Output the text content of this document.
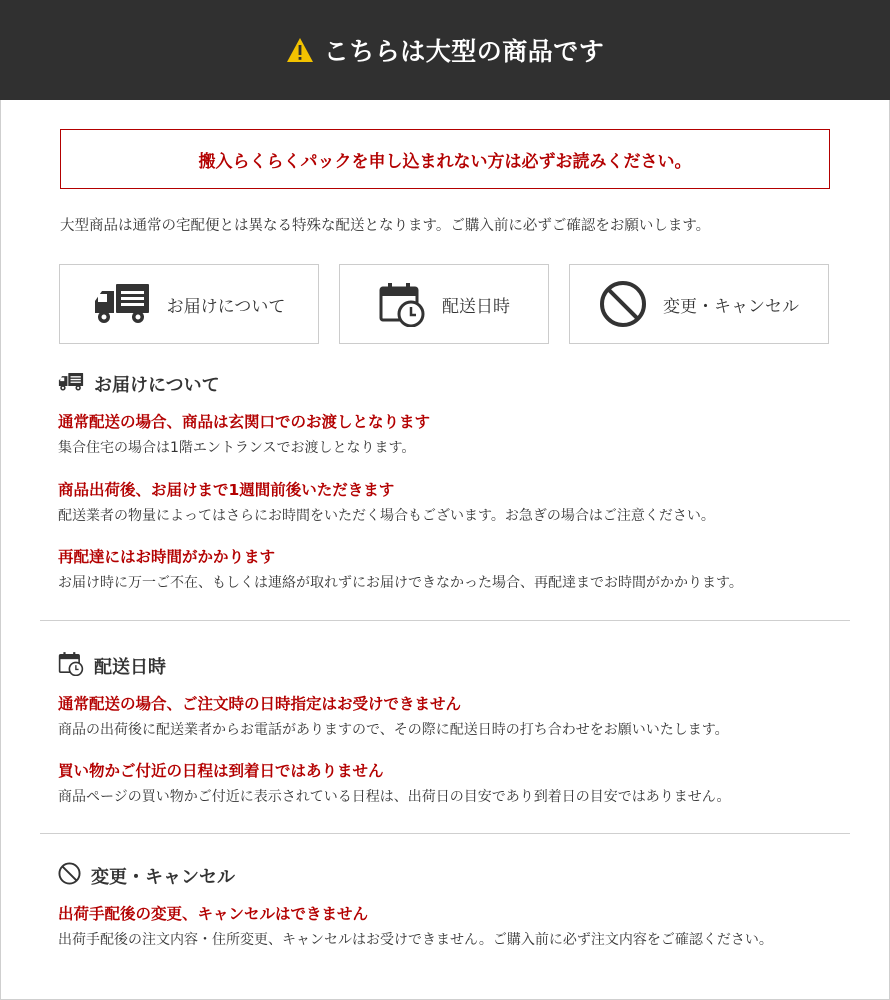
こちらは大型の商品です
搬入らくらくパックを申し込まれない方は必ずお読みください。
大型商品は通常の宅配便とは異なる特殊な配送となります。ご購入前に必ずご確認をお願いします。
お届けについて	配送日時	変更・キャンセル
お届けについて
通常配送の場合、商品は玄関口でのお渡しとなります
集合住宅の場合は1階エントランスでお渡しとなります。
商品出荷後、お届けまで1週間前後いただきます
配送業者の物量によってはさらにお時間をいただく場合もございます。お急ぎの場合はご注意ください。
再配達にはお時間がかかります
お届け時に万一ご不在、もしくは連絡が取れずにお届けできなかった場合、再配達までお時間がかかります。
配送日時
通常配送の場合、ご注文時の日時指定はお受けできません
商品の出荷後に配送業者からお電話がありますので、その際に配送日時の打ち合わせをお願いいたします。
買い物かご付近の日程は到着日ではありません
商品ページの買い物かご付近に表示されている日程は、出荷日の目安であり到着日の目安ではありません。
変更・キャンセル
出荷手配後の変更、キャンセルはできません
出荷手配後の注文内容・住所変更、キャンセルはお受けできません。ご購入前に必ず注文内容をご確認ください。
